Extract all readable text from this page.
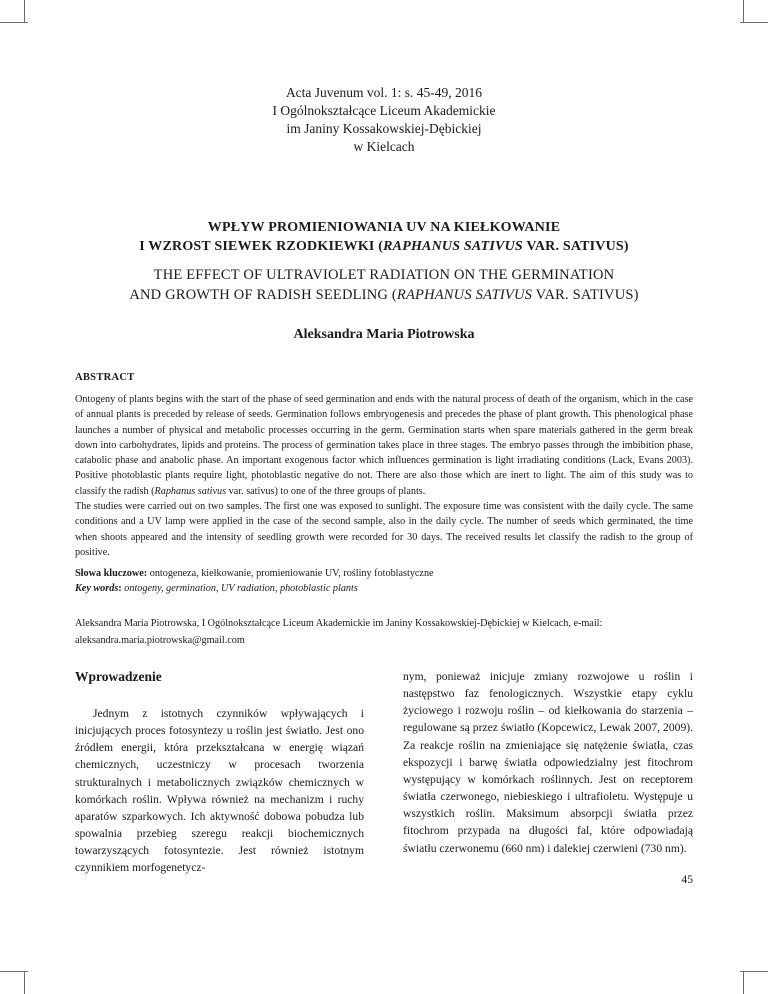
Acta Juvenum vol. 1: s. 45-49, 2016
I Ogólnokształcące Liceum Akademickie
im Janiny Kossakowskiej-Dębickiej
w Kielcach
WPŁYW PROMIENIOWANIA UV NA KIEŁKOWANIE
I WZROST SIEWEK RZODKIEWKI (RAPHANUS SATIVUS VAR. SATIVUS)
THE EFFECT OF ULTRAVIOLET RADIATION ON THE GERMINATION
AND GROWTH OF RADISH SEEDLING (RAPHANUS SATIVUS VAR. SATIVUS)
Aleksandra Maria Piotrowska
ABSTRACT

Ontogeny of plants begins with the start of the phase of seed germination and ends with the natural process of death of the organism, which in the case of annual plants is preceded by release of seeds. Germination follows embryogenesis and precedes the phase of plant growth. This phenological phase launches a number of physical and metabolic processes occurring in the germ. Germination starts when spare materials gathered in the germ break down into carbohydrates, lipids and proteins. The process of germination takes place in three stages. The embryo passes through the imbibition phase, catabolic phase and anabolic phase. An important exogenous factor which influences germination is light irradiating conditions (Lack, Evans 2003). Positive photoblastic plants require light, photoblastic negative do not. There are also those which are inert to light. The aim of this study was to classify the radish (Raphanus sativus var. sativus) to one of the three groups of plants.

The studies were carried out on two samples. The first one was exposed to sunlight. The exposure time was consistent with the daily cycle. The same conditions and a UV lamp were applied in the case of the second sample, also in the daily cycle. The number of seeds which germinated, the time when shoots appeared and the intensity of seedling growth were recorded for 30 days. The received results let classify the radish to the group of positive.

Słowa kluczowe: ontogeneza, kiełkowanie, promieniowanie UV, rośliny fotoblastyczne
Key words: ontogeny, germination, UV radiation, photoblastic plants
Aleksandra Maria Piotrowska, I Ogólnokształcące Liceum Akademickie im Janiny Kossakowskiej-Dębickiej w Kielcach, e-mail:
aleksandra.maria.piotrowska@gmail.com
Wprowadzenie

Jednym z istotnych czynników wpływających i inicjujących proces fotosyntezy u roślin jest światło. Jest ono źródłem energii, która przekształcana w energię wiązań chemicznych, uczestniczy w procesach tworzenia strukturalnych i metabolicznych związków chemicznych w komórkach roślin. Wpływa również na mechanizm i ruchy aparatów szparkowych. Ich aktywność dobowa pobudza lub spowalnia przebieg szeregu reakcji biochemicznych towarzyszących fotosyntezie. Jest również istotnym czynnikiem morfogenetycz-

nym, ponieważ inicjuje zmiany rozwojowe u roślin i następstwo faz fenologicznych. Wszystkie etapy cyklu życiowego i rozwoju roślin – od kiełkowania do starzenia – regulowane są przez światło (Kopcewicz, Lewak 2007, 2009). Za reakcje roślin na zmieniające się natężenie światła, czas ekspozycji i barwę światła odpowiedzialny jest fitochrom występujący w komórkach roślinnych. Jest on receptorem światła czerwonego, niebieskiego i ultrafioletu. Występuje u wszystkich roślin. Maksimum absorpcji światła przez fitochrom przypada na długości fal, które odpowiadają światłu czerwonemu (660 nm) i dalekiej czerwieni (730 nm).

45
